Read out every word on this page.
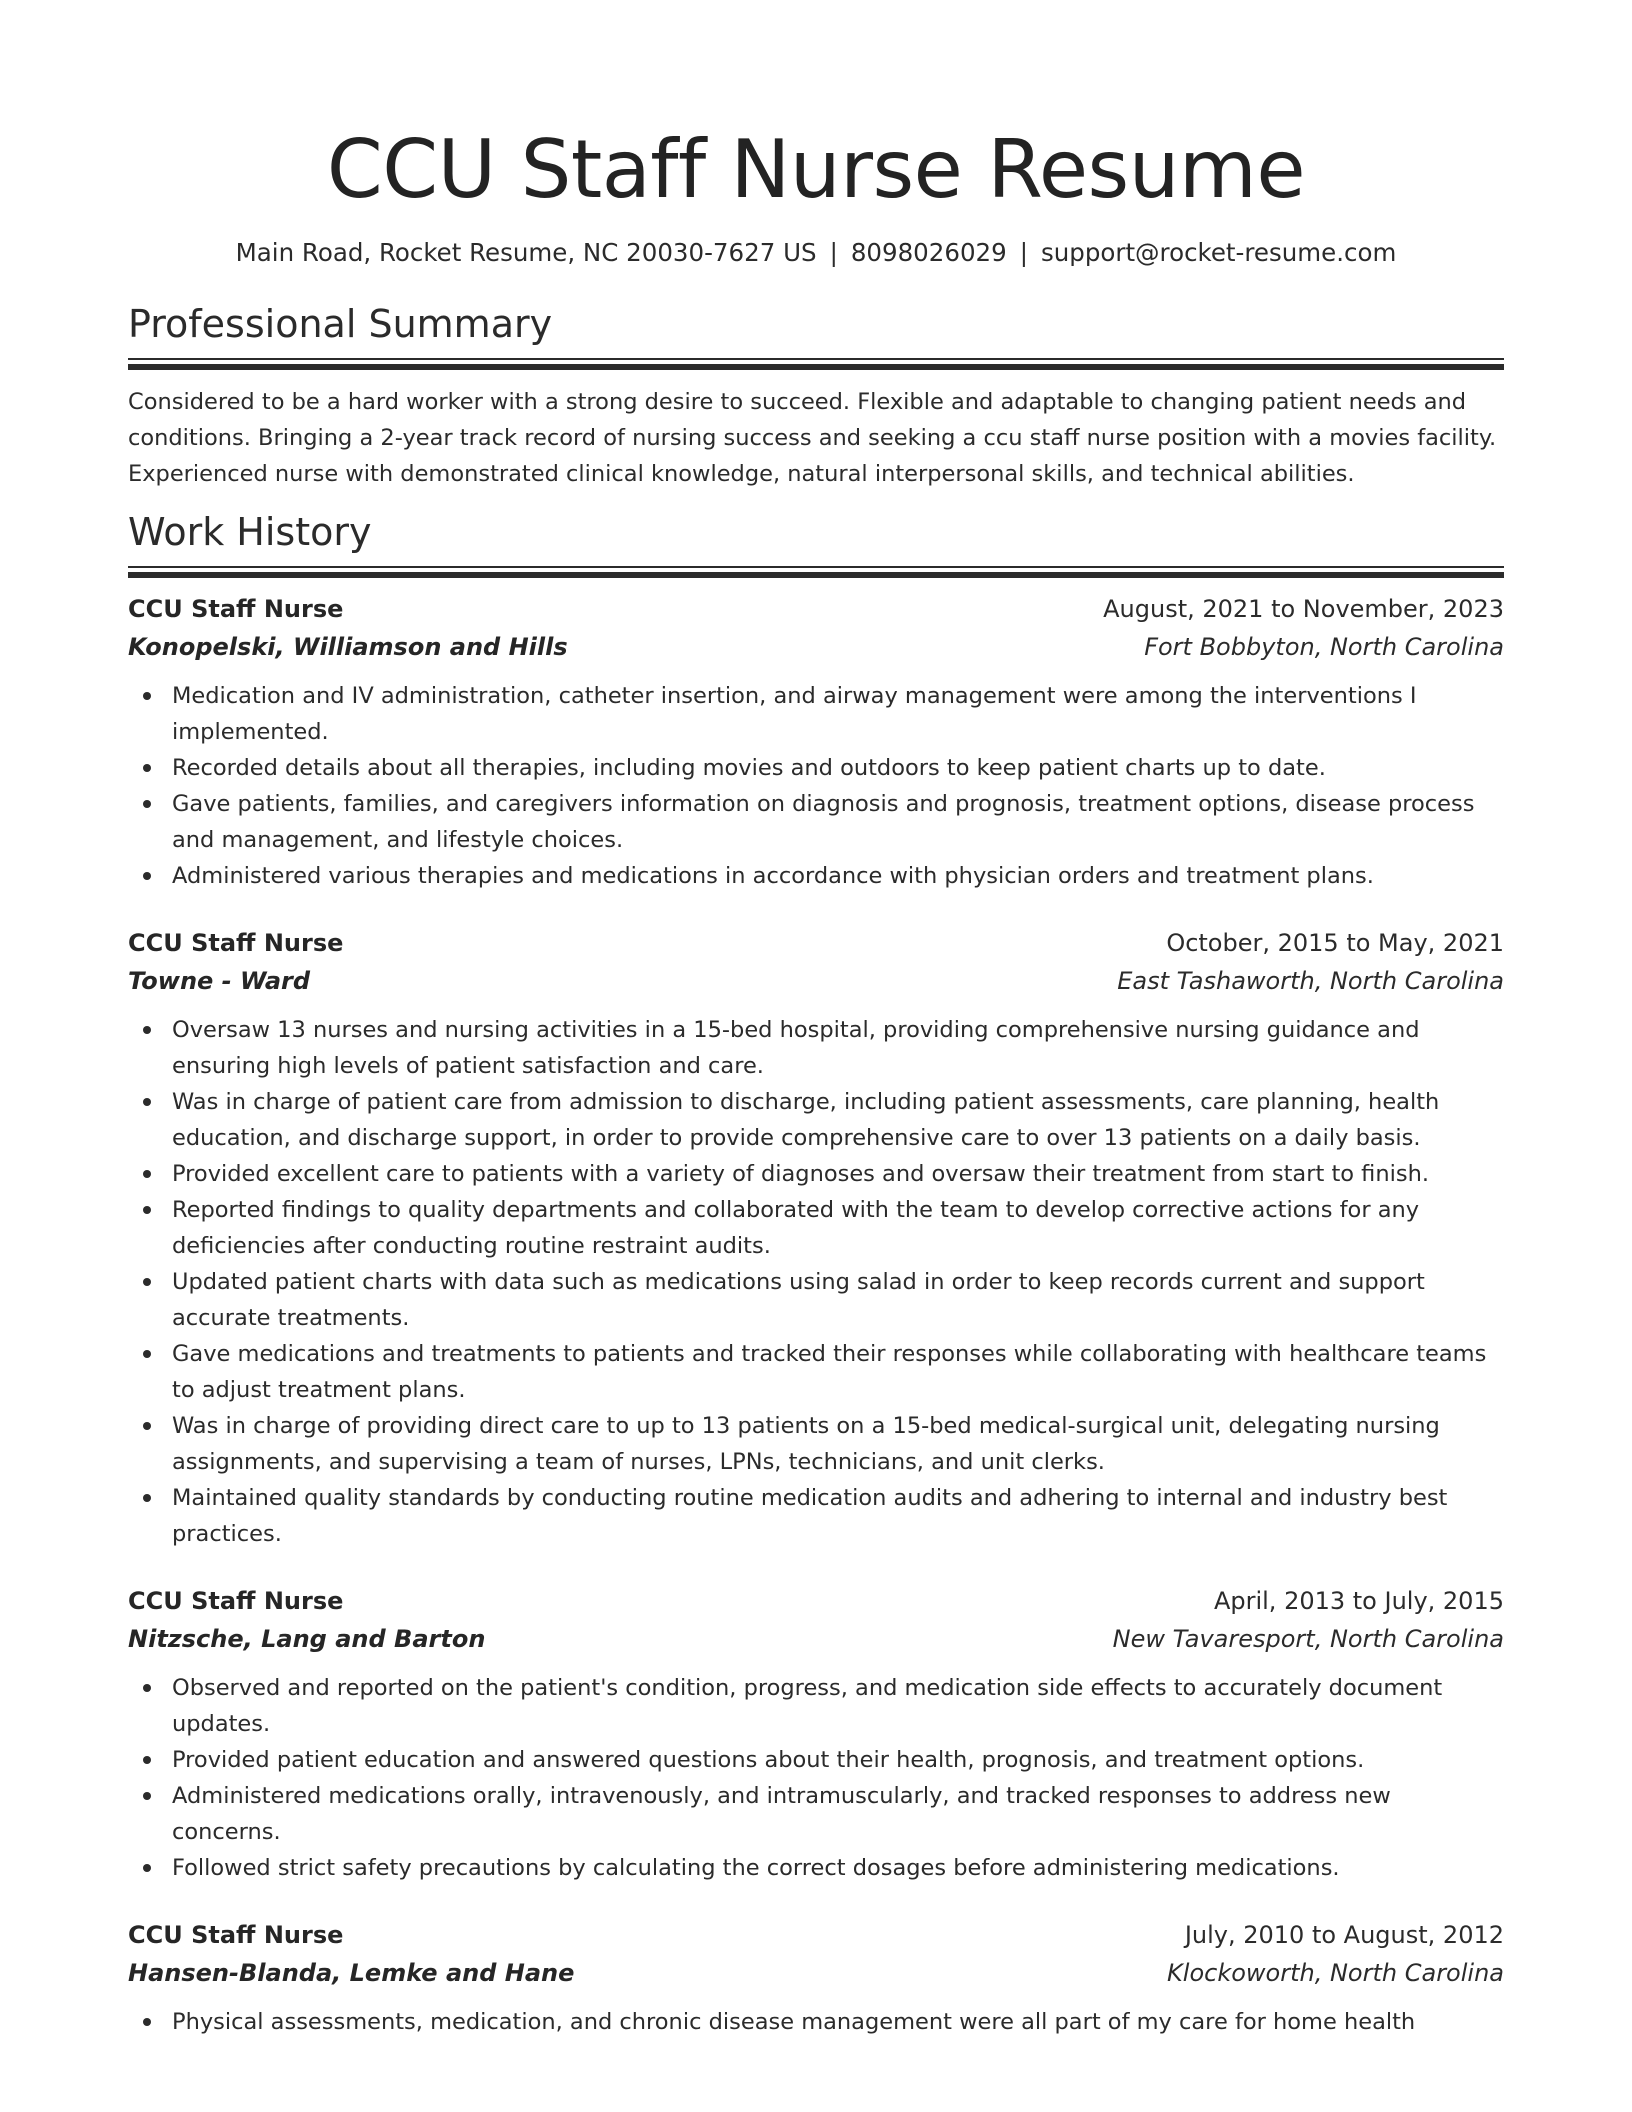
CCU Staff Nurse Resume
Main Road, Rocket Resume, NC 20030-7627 US | 8098026029 | support@rocket-resume.com
Professional Summary

Considered to be a hard worker with a strong desire to succeed. Flexible and adaptable to changing patient needs and conditions. Bringing a 2-year track record of nursing success and seeking a ccu staff nurse position with a movies facility. Experienced nurse with demonstrated clinical knowledge, natural interpersonal skills, and technical abilities.

Work History
CCU Staff Nurse	August, 2021 to November, 2023
Konopelski, Williamson and Hills	Fort Bobbyton, North Carolina
Medication and IV administration, catheter insertion, and airway management were among the interventions I implemented.
Recorded details about all therapies, including movies and outdoors to keep patient charts up to date.
Gave patients, families, and caregivers information on diagnosis and prognosis, treatment options, disease process and management, and lifestyle choices.
Administered various therapies and medications in accordance with physician orders and treatment plans.
CCU Staff Nurse	October, 2015 to May, 2021
Towne - Ward	East Tashaworth, North Carolina
Oversaw 13 nurses and nursing activities in a 15-bed hospital, providing comprehensive nursing guidance and ensuring high levels of patient satisfaction and care.
Was in charge of patient care from admission to discharge, including patient assessments, care planning, health education, and discharge support, in order to provide comprehensive care to over 13 patients on a daily basis.
Provided excellent care to patients with a variety of diagnoses and oversaw their treatment from start to finish.
Reported findings to quality departments and collaborated with the team to develop corrective actions for any deficiencies after conducting routine restraint audits.
Updated patient charts with data such as medications using salad in order to keep records current and support accurate treatments.
Gave medications and treatments to patients and tracked their responses while collaborating with healthcare teams to adjust treatment plans.
Was in charge of providing direct care to up to 13 patients on a 15-bed medical-surgical unit, delegating nursing assignments, and supervising a team of nurses, LPNs, technicians, and unit clerks.
Maintained quality standards by conducting routine medication audits and adhering to internal and industry best practices.
CCU Staff Nurse	April, 2013 to July, 2015
Nitzsche, Lang and Barton	New Tavaresport, North Carolina
Observed and reported on the patient's condition, progress, and medication side effects to accurately document updates.
Provided patient education and answered questions about their health, prognosis, and treatment options.
Administered medications orally, intravenously, and intramuscularly, and tracked responses to address new concerns.
Followed strict safety precautions by calculating the correct dosages before administering medications.
CCU Staff Nurse	July, 2010 to August, 2012
Hansen-Blanda, Lemke and Hane	Klockoworth, North Carolina
Physical assessments, medication, and chronic disease management were all part of my care for home health
